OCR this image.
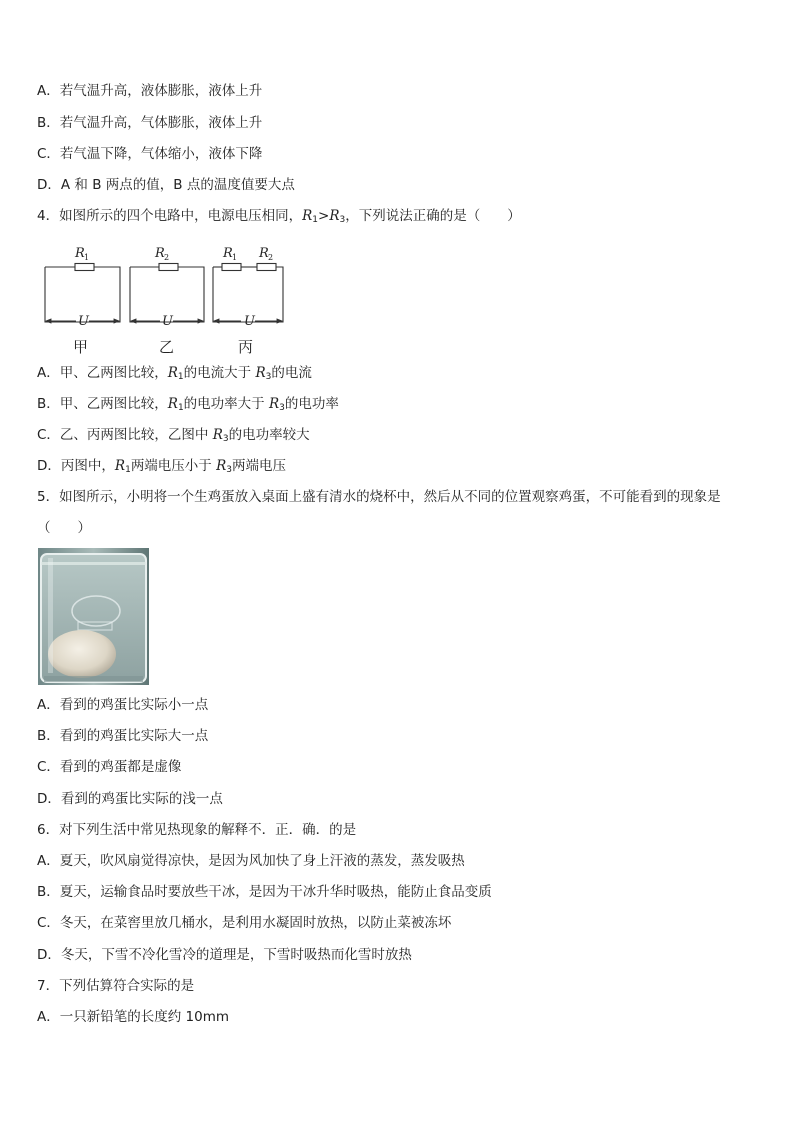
A．若气温升高，液体膨胀，液体上升
B．若气温升高，气体膨胀，液体上升
C．若气温下降，气体缩小，液体下降
D．A 和 B 两点的值，B 点的温度值要大点
4．如图所示的四个电路中，电源电压相同，$R_1>R_3$，下列说法正确的是（　　）
R 1	R 2	R 1 R 2
U	U	U
甲	乙	丙
A．甲、乙两图比较，$R_1$的电流大于 $R_3$的电流
B．甲、乙两图比较，$R_1$的电功率大于 $R_3$的电功率
C．乙、丙两图比较，乙图中 $R_3$的电功率较大
D．丙图中，$R_1$两端电压小于 $R_3$两端电压
5．如图所示，小明将一个生鸡蛋放入桌面上盛有清水的烧杯中，然后从不同的位置观察鸡蛋，不可能看到的现象是
（　　）
A．看到的鸡蛋比实际小一点
B．看到的鸡蛋比实际大一点
C．看到的鸡蛋都是虚像
D．看到的鸡蛋比实际的浅一点
6．对下列生活中常见热现象的解释不．正．确．的是
A．夏天，吹风扇觉得凉快，是因为风加快了身上汗液的蒸发，蒸发吸热
B．夏天，运输食品时要放些干冰，是因为干冰升华时吸热，能防止食品变质
C．冬天，在菜窖里放几桶水，是利用水凝固时放热，以防止菜被冻坏
D．冬天，下雪不冷化雪冷的道理是，下雪时吸热而化雪时放热
7．下列估算符合实际的是
A．一只新铅笔的长度约 10mm
